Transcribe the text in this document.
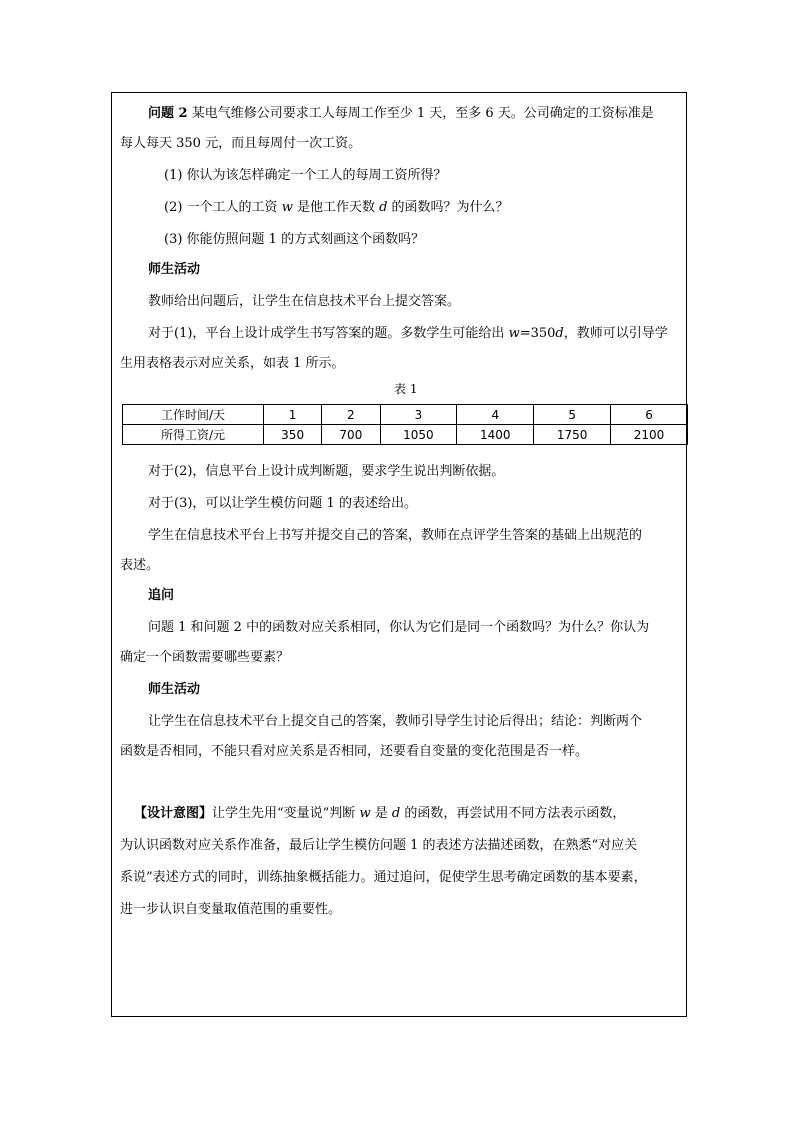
问题 2 某电气维修公司要求工人每周工作至少 1 天，至多 6 天。公司确定的工资标准是
每人每天 350 元，而且每周付一次工资。
(1) 你认为该怎样确定一个工人的每周工资所得？
(2) 一个工人的工资 w 是他工作天数 d 的函数吗？为什么？
(3) 你能仿照问题 1 的方式刻画这个函数吗？
师生活动
教师给出问题后，让学生在信息技术平台上提交答案。
对于(1)，平台上设计成学生书写答案的题。多数学生可能给出 w=350d，教师可以引导学
生用表格表示对应关系，如表 1 所示。
表 1
工作时间/天	1	2	3	4	5	6
所得工资/元	350	700	1050	1400	1750	2100
对于(2)，信息平台上设计成判断题，要求学生说出判断依据。
对于(3)，可以让学生模仿问题 1 的表述给出。
学生在信息技术平台上书写并提交自己的答案，教师在点评学生答案的基础上出规范的
表述。
追问
问题 1 和问题 2 中的函数对应关系相同，你认为它们是同一个函数吗？为什么？你认为
确定一个函数需要哪些要素？
师生活动
让学生在信息技术平台上提交自己的答案，教师引导学生讨论后得出；结论：判断两个
函数是否相同，不能只看对应关系是否相同，还要看自变量的变化范围是否一样。
【设计意图】让学生先用“变量说”判断 w 是 d 的函数，再尝试用不同方法表示函数，
为认识函数对应关系作准备，最后让学生模仿问题 1 的表述方法描述函数，在熟悉“对应关
系说”表述方式的同时，训练抽象概括能力。通过追问，促使学生思考确定函数的基本要素，
进一步认识自变量取值范围的重要性。
